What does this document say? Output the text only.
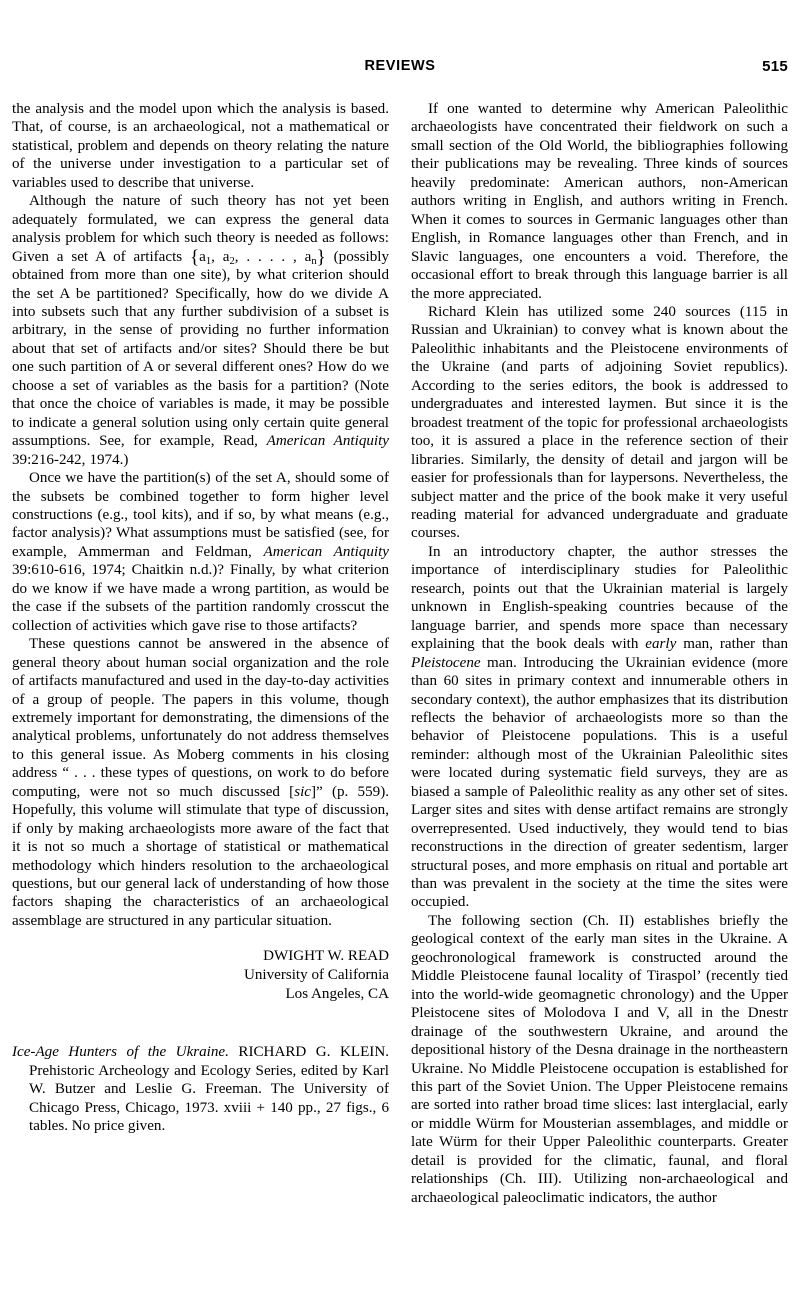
REVIEWS	515

the analysis and the model upon which the analysis is based. That, of course, is an archaeological, not a mathematical or statistical, problem and depends on theory relating the nature of the universe under investigation to a particular set of variables used to describe that universe.

Although the nature of such theory has not yet been adequately formulated, we can express the general data analysis problem for which such theory is needed as follows: Given a set A of artifacts {$a_1$, $a_2$, . . . . , $a_n$} (possibly obtained from more than one site), by what criterion should the set A be partitioned? Specifically, how do we divide A into subsets such that any further subdivision of a subset is arbitrary, in the sense of providing no further information about that set of artifacts and/or sites? Should there be but one such partition of A or several different ones? How do we choose a set of variables as the basis for a partition? (Note that once the choice of variables is made, it may be possible to indicate a general solution using only certain quite general assumptions. See, for example, Read, American Antiquity 39:216-242, 1974.)

Once we have the partition(s) of the set A, should some of the subsets be combined together to form higher level constructions (e.g., tool kits), and if so, by what means (e.g., factor analysis)? What assumptions must be satisfied (see, for example, Ammerman and Feldman, American Antiquity 39:610-616, 1974; Chaitkin n.d.)? Finally, by what criterion do we know if we have made a wrong partition, as would be the case if the subsets of the partition randomly crosscut the collection of activities which gave rise to those artifacts?

These questions cannot be answered in the absence of general theory about human social organization and the role of artifacts manufactured and used in the day-to-day activities of a group of people. The papers in this volume, though extremely important for demonstrating, the dimensions of the analytical problems, unfortunately do not address themselves to this general issue. As Moberg comments in his closing address “ . . . these types of questions, on work to do before computing, were not so much discussed [sic]” (p. 559). Hopefully, this volume will stimulate that type of discussion, if only by making archaeologists more aware of the fact that it is not so much a shortage of statistical or mathematical methodology which hinders resolution to the archaeological questions, but our general lack of understanding of how those factors shaping the characteristics of an archaeological assemblage are structured in any particular situation.

DWIGHT W. READ
University of California
Los Angeles, CA
Ice-Age Hunters of the Ukraine. RICHARD G. KLEIN. Prehistoric Archeology and Ecology Series, edited by Karl W. Butzer and Leslie G. Freeman. The University of Chicago Press, Chicago, 1973. xviii + 140 pp., 27 figs., 6 tables. No price given.

If one wanted to determine why American Paleolithic archaeologists have concentrated their fieldwork on such a small section of the Old World, the bibliographies following their publications may be revealing. Three kinds of sources heavily predominate: American authors, non-American authors writing in English, and authors writing in French. When it comes to sources in Germanic languages other than English, in Romance languages other than French, and in Slavic languages, one encounters a void. Therefore, the occasional effort to break through this language barrier is all the more appreciated.

Richard Klein has utilized some 240 sources (115 in Russian and Ukrainian) to convey what is known about the Paleolithic inhabitants and the Pleistocene environments of the Ukraine (and parts of adjoining Soviet republics). According to the series editors, the book is addressed to undergraduates and interested laymen. But since it is the broadest treatment of the topic for professional archaeologists too, it is assured a place in the reference section of their libraries. Similarly, the density of detail and jargon will be easier for professionals than for laypersons. Nevertheless, the subject matter and the price of the book make it very useful reading material for advanced undergraduate and graduate courses.

In an introductory chapter, the author stresses the importance of interdisciplinary studies for Paleolithic research, points out that the Ukrainian material is largely unknown in English-speaking countries because of the language barrier, and spends more space than necessary explaining that the book deals with early man, rather than Pleistocene man. Introducing the Ukrainian evidence (more than 60 sites in primary context and innumerable others in secondary context), the author emphasizes that its distribution reflects the behavior of archaeologists more so than the behavior of Pleistocene populations. This is a useful reminder: although most of the Ukrainian Paleolithic sites were located during systematic field surveys, they are as biased a sample of Paleolithic reality as any other set of sites. Larger sites and sites with dense artifact remains are strongly overrepresented. Used inductively, they would tend to bias reconstructions in the direction of greater sedentism, larger structural poses, and more emphasis on ritual and portable art than was prevalent in the society at the time the sites were occupied.

The following section (Ch. II) establishes briefly the geological context of the early man sites in the Ukraine. A geochronological framework is constructed around the Middle Pleistocene faunal locality of Tiraspol’ (recently tied into the world-wide geomagnetic chronology) and the Upper Pleistocene sites of Molodova I and V, all in the Dnestr drainage of the southwestern Ukraine, and around the depositional history of the Desna drainage in the northeastern Ukraine. No Middle Pleistocene occupation is established for this part of the Soviet Union. The Upper Pleistocene remains are sorted into rather broad time slices: last interglacial, early or middle Würm for Mousterian assemblages, and middle or late Würm for their Upper Paleolithic counterparts. Greater detail is provided for the climatic, faunal, and floral relationships (Ch. III). Utilizing non-archaeological and archaeological paleoclimatic indicators, the author
